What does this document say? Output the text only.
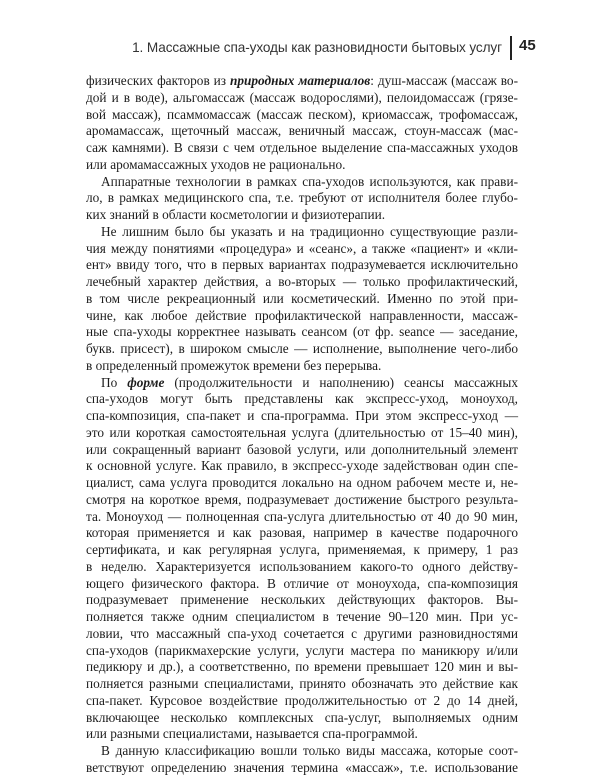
1. Массажные спа-уходы как разновидности бытовых услуг 45
физических факторов из природных материалов: душ-массаж (массаж во-
дой и в воде), альгомассаж (массаж водорослями), пелоидомассаж (грязе-
вой массаж), псаммомассаж (массаж песком), криомассаж, трофомассаж,
аромамассаж, щеточный массаж, веничный массаж, стоун-массаж (мас-
саж камнями). В связи с чем отдельное выделение спа-массажных уходов
или аромамассажных уходов не рационально.
Аппаратные технологии в рамках спа-уходов используются, как прави-
ло, в рамках медицинского спа, т.е. требуют от исполнителя более глубо-
ких знаний в области косметологии и физиотерапии.
Не лишним было бы указать и на традиционно существующие разли-
чия между понятиями «процедура» и «сеанс», а также «пациент» и «кли-
ент» ввиду того, что в первых вариантах подразумевается исключительно
лечебный характер действия, а во-вторых — только профилактический,
в том числе рекреационный или косметический. Именно по этой при-
чине, как любое действие профилактической направленности, массаж-
ные спа-уходы корректнее называть сеансом (от фр. seance — заседание,
букв. присест), в широком смысле — исполнение, выполнение чего-либо
в определенный промежуток времени без перерыва.
По форме (продолжительности и наполнению) сеансы массажных
спа-уходов могут быть представлены как экспресс-уход, моноуход,
спа-композиция, спа-пакет и спа-программа. При этом экспресс-уход —
это или короткая самостоятельная услуга (длительностью от 15–40 мин),
или сокращенный вариант базовой услуги, или дополнительный элемент
к основной услуге. Как правило, в экспресс-уходе задействован один спе-
циалист, сама услуга проводится локально на одном рабочем месте и, не-
смотря на короткое время, подразумевает достижение быстрого результа-
та. Моноуход — полноценная спа-услуга длительностью от 40 до 90 мин,
которая применяется и как разовая, например в качестве подарочного
сертификата, и как регулярная услуга, применяемая, к примеру, 1 раз
в неделю. Характеризуется использованием какого-то одного действу-
ющего физического фактора. В отличие от моноухода, спа-композиция
подразумевает применение нескольких действующих факторов. Вы-
полняется также одним специалистом в течение 90–120 мин. При ус-
ловии, что массажный спа-уход сочетается с другими разновидностями
спа-уходов (парикмахерские услуги, услуги мастера по маникюру и/или
педикюру и др.), а соответственно, по времени превышает 120 мин и вы-
полняется разными специалистами, принято обозначать это действие как
спа-пакет. Курсовое воздействие продолжительностью от 2 до 14 дней,
включающее несколько комплексных спа-услуг, выполняемых одним
или разными специалистами, называется спа-программой.
В данную классификацию вошли только виды массажа, которые соот-
ветствуют определению значения термина «массаж», т.е. использование
